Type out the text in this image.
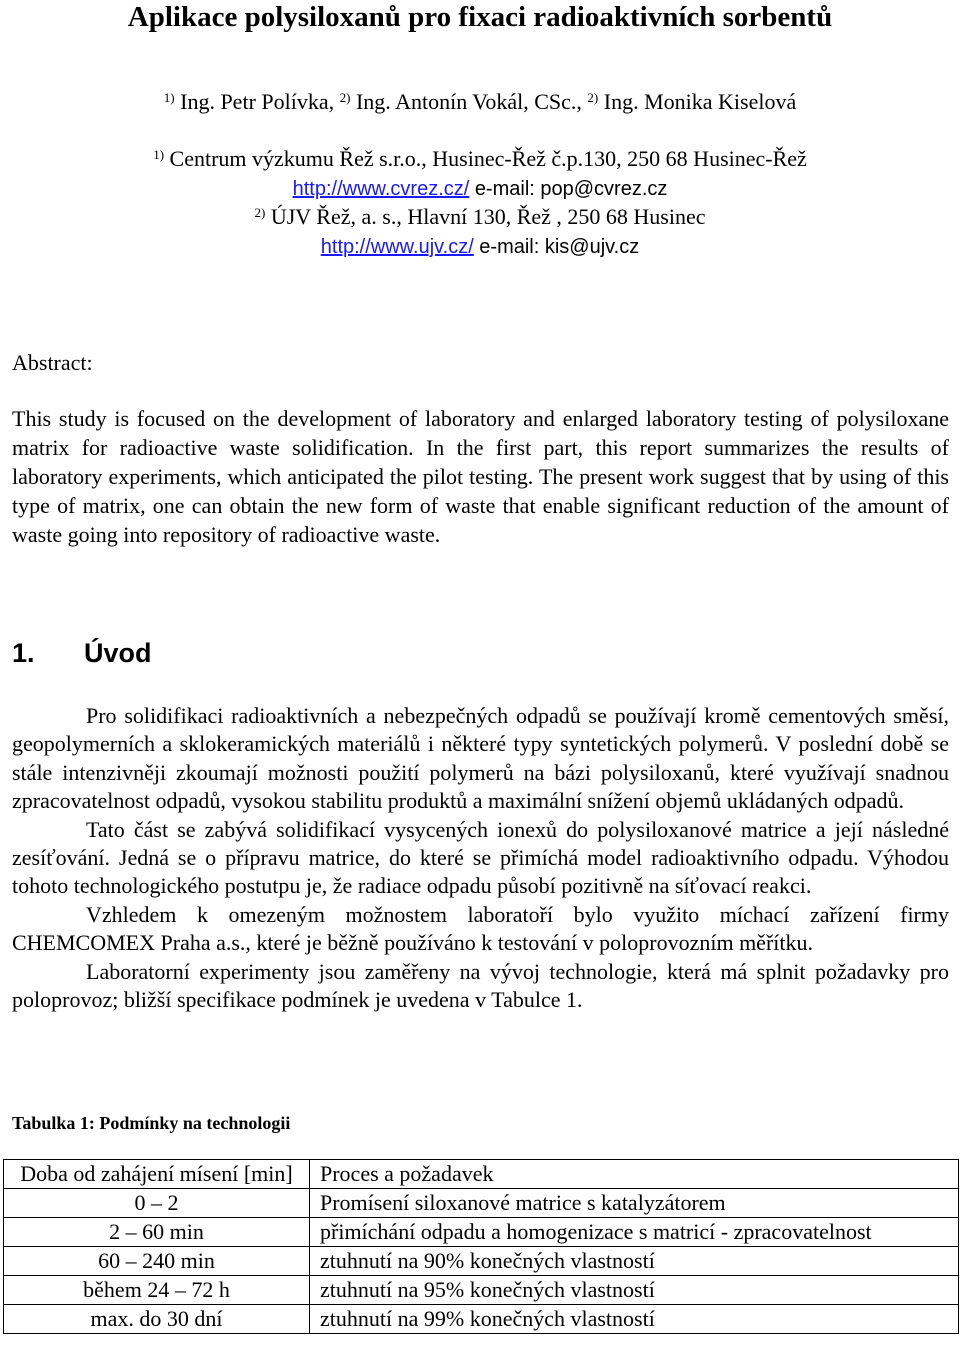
Aplikace polysiloxanů pro fixaci radioaktivních sorbentů
$^{1)}$ Ing. Petr Polívka, $^{2)}$ Ing. Antonín Vokál, CSc., $^{2)}$ Ing. Monika Kiselová
$^{1)}$ Centrum výzkumu Řež s.r.o., Husinec-Řež č.p.130, 250 68 Husinec-Řež
http://www.cvrez.cz/ e-mail: pop@cvrez.cz
$^{2)}$ ÚJV Řež, a. s., Hlavní 130, Řež , 250 68 Husinec
http://www.ujv.cz/ e-mail: kis@ujv.cz
Abstract:

This study is focused on the development of laboratory and enlarged laboratory testing of polysiloxane matrix for radioactive waste solidification. In the first part, this report summarizes the results of laboratory experiments, which anticipated the pilot testing. The present work suggest that by using of this type of matrix, one can obtain the new form of waste that enable significant reduction of the amount of waste going into repository of radioactive waste.

1. Úvod

Pro solidifikaci radioaktivních a nebezpečných odpadů se používají kromě cementových směsí, geopolymerních a sklokeramických materiálů i některé typy syntetických polymerů. V poslední době se stále intenzivněji zkoumají možnosti použití polymerů na bázi polysiloxanů, které využívají snadnou zpracovatelnost odpadů, vysokou stabilitu produktů a maximální snížení objemů ukládaných odpadů.

Tato část se zabývá solidifikací vysycených ionexů do polysiloxanové matrice a její následné zesíťování. Jedná se o přípravu matrice, do které se přimíchá model radioaktivního odpadu. Výhodou tohoto technologického postutpu je, že radiace odpadu působí pozitivně na síťovací reakci.

Vzhledem k omezeným možnostem laboratoří bylo využito míchací zařízení firmy CHEMCOMEX Praha a.s., které je běžně používáno k testování v poloprovozním měřítku.

Laboratorní experimenty jsou zaměřeny na vývoj technologie, která má splnit požadavky pro poloprovoz; bližší specifikace podmínek je uvedena v Tabulce 1.

Tabulka 1: Podmínky na technologii
Doba od zahájení mísení [min]	Proces a požadavek
0 – 2	Promísení siloxanové matrice s katalyzátorem
2 – 60 min	přimíchání odpadu a homogenizace s matricí - zpracovatelnost
60 – 240 min	ztuhnutí na 90% konečných vlastností
během 24 – 72 h	ztuhnutí na 95% konečných vlastností
max. do 30 dní	ztuhnutí na 99% konečných vlastností
